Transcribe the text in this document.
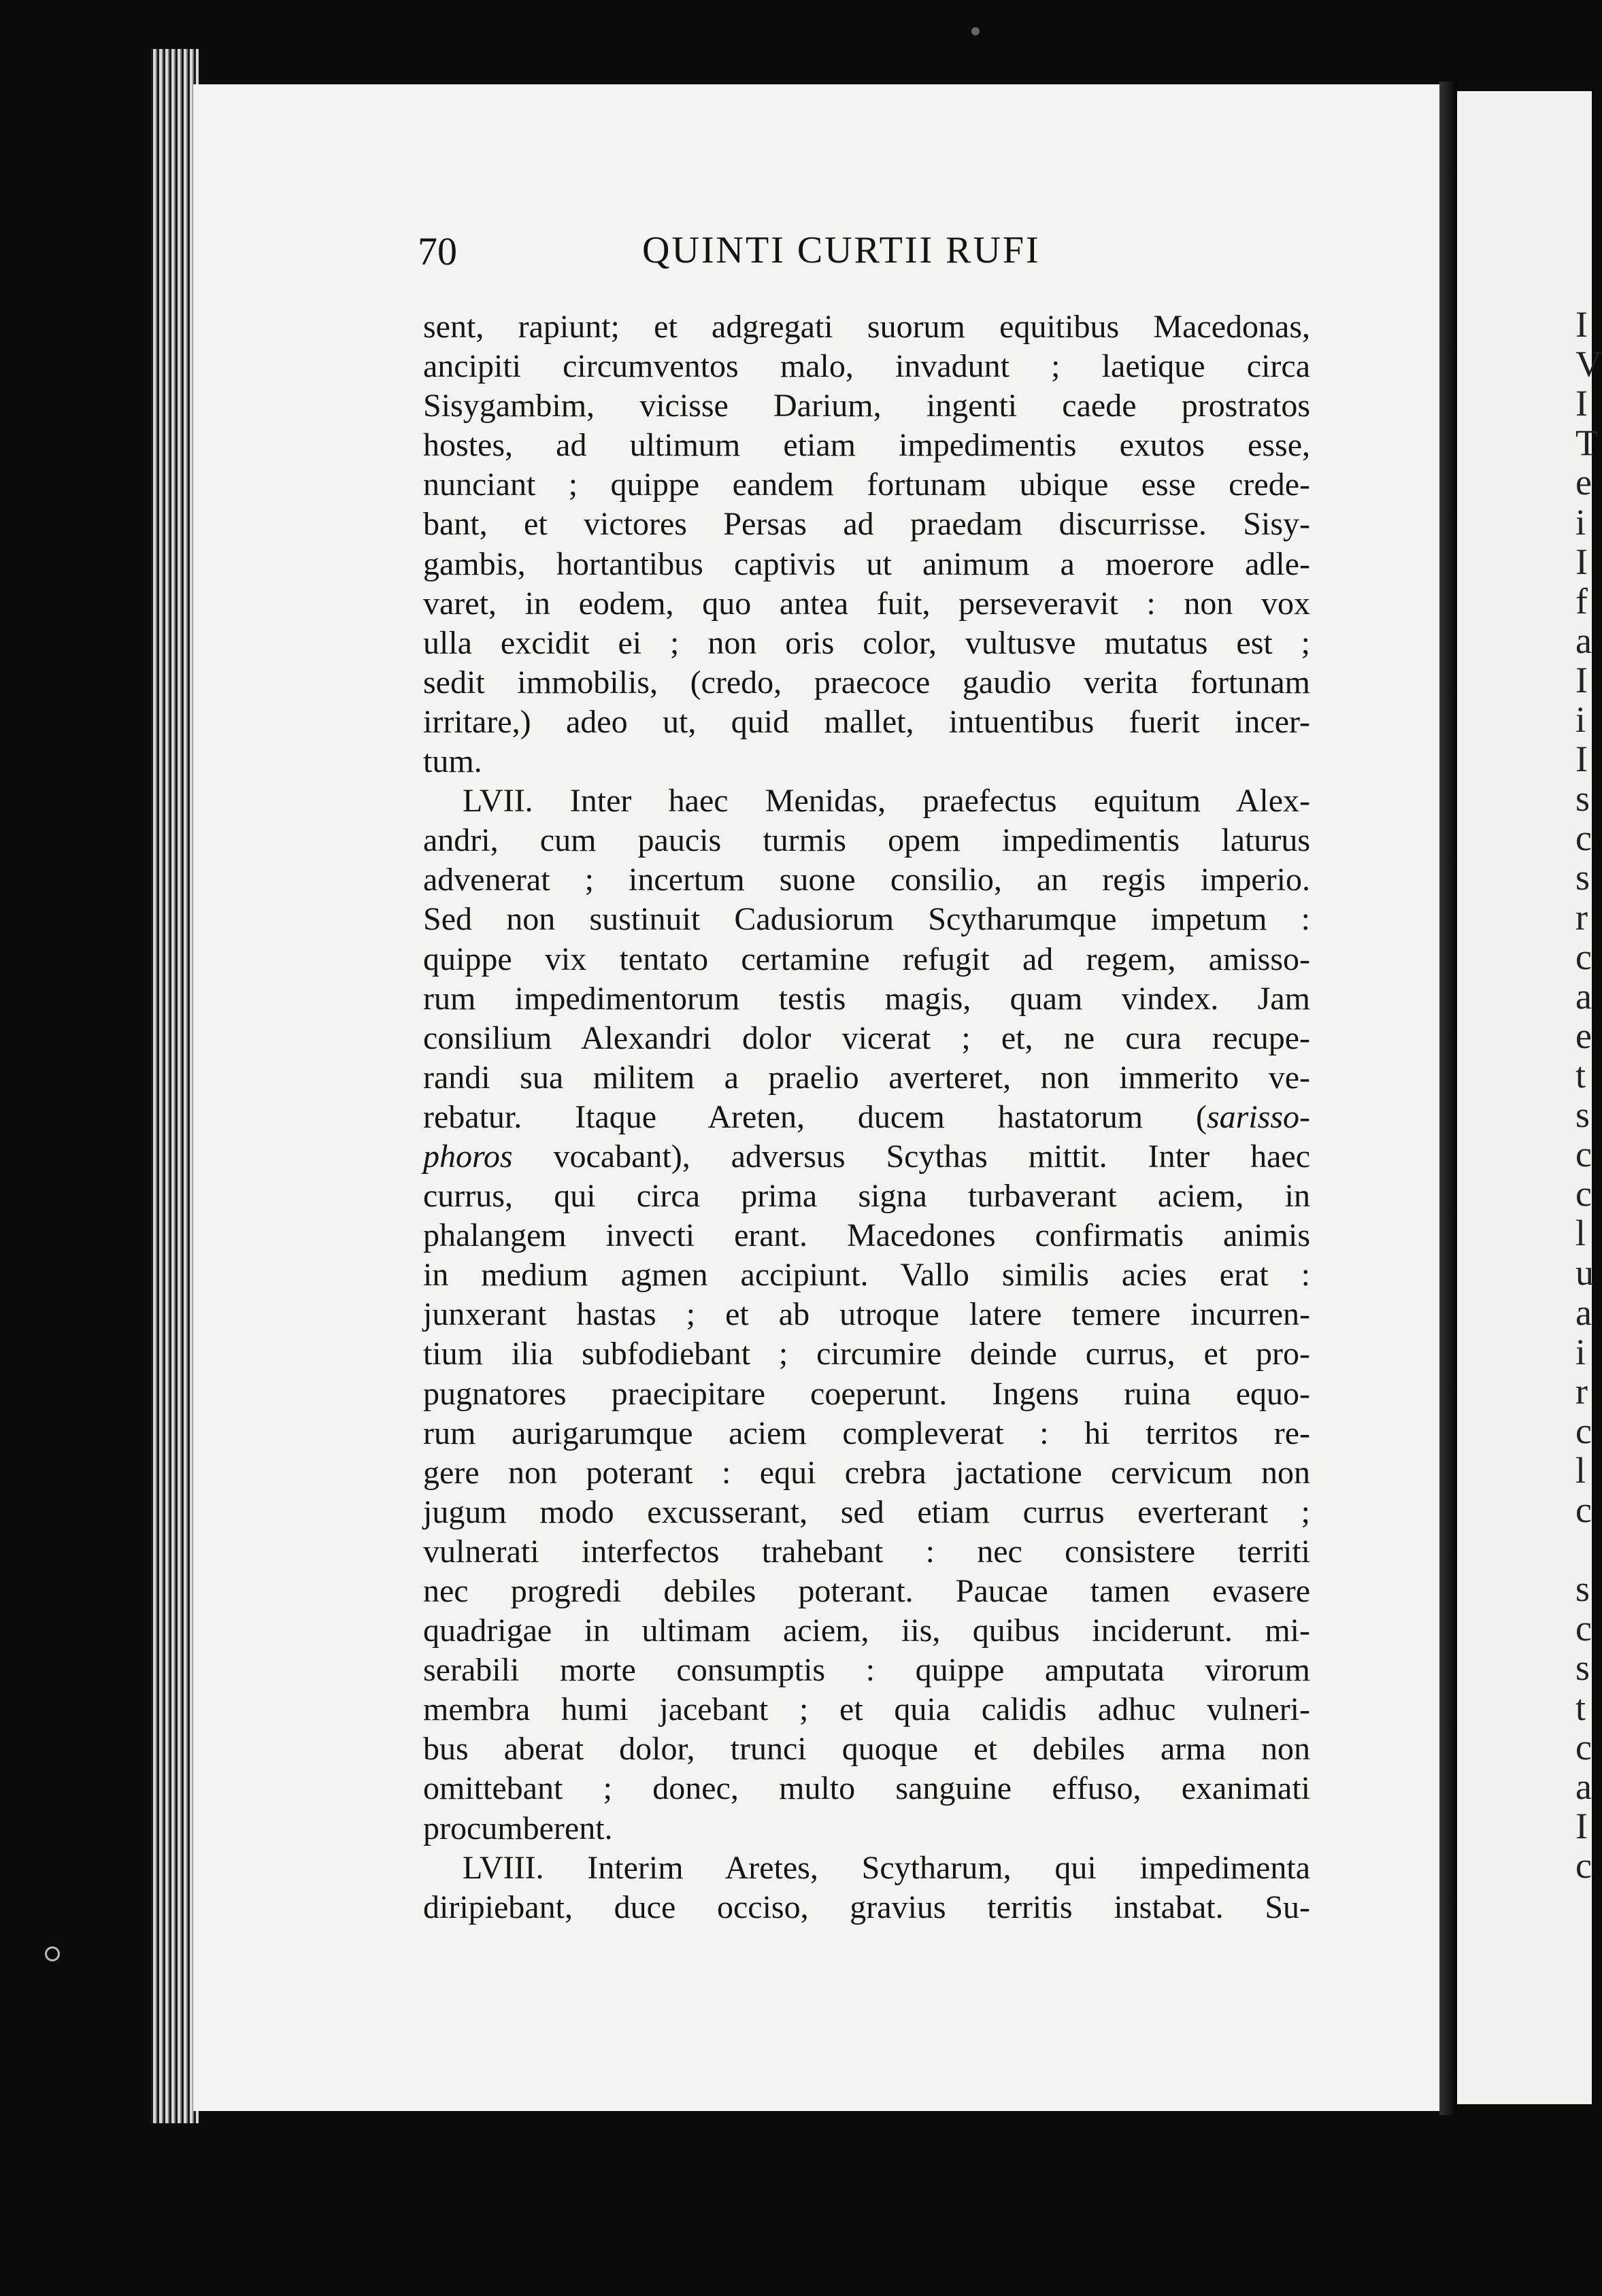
I
V
I
T
e
i
I
f
a
I
i
I
s
c
s
r
c
a
e
t
s
c
c
l
u
a
i
r
c
l
c
s
c
s
t
c
a
I
c
70	QUINTI CURTII RUFI
sent, rapiunt; et adgregati suorum equitibus Macedonas,
ancipiti circumventos malo, invadunt ; laetique circa
Sisygambim, vicisse Darium, ingenti caede prostratos
hostes, ad ultimum etiam impedimentis exutos esse,
nunciant ; quippe eandem fortunam ubique esse crede-
bant, et victores Persas ad praedam discurrisse. Sisy-
gambis, hortantibus captivis ut animum a moerore adle-
varet, in eodem, quo antea fuit, perseveravit : non vox
ulla excidit ei ; non oris color, vultusve mutatus est ;
sedit immobilis, (credo, praecoce gaudio verita fortunam
irritare,) adeo ut, quid mallet, intuentibus fuerit incer-
tum.
LVII. Inter haec Menidas, praefectus equitum Alex-
andri, cum paucis turmis opem impedimentis laturus
advenerat ; incertum suone consilio, an regis imperio.
Sed non sustinuit Cadusiorum Scytharumque impetum :
quippe vix tentato certamine refugit ad regem, amisso-
rum impedimentorum testis magis, quam vindex. Jam
consilium Alexandri dolor vicerat ; et, ne cura recupe-
randi sua militem a praelio averteret, non immerito ve-
rebatur. Itaque Areten, ducem hastatorum (sarisso-
phoros vocabant), adversus Scythas mittit. Inter haec
currus, qui circa prima signa turbaverant aciem, in
phalangem invecti erant. Macedones confirmatis animis
in medium agmen accipiunt. Vallo similis acies erat :
junxerant hastas ; et ab utroque latere temere incurren-
tium ilia subfodiebant ; circumire deinde currus, et pro-
pugnatores praecipitare coeperunt. Ingens ruina equo-
rum aurigarumque aciem compleverat : hi territos re-
gere non poterant : equi crebra jactatione cervicum non
jugum modo excusserant, sed etiam currus everterant ;
vulnerati interfectos trahebant : nec consistere territi
nec progredi debiles poterant. Paucae tamen evasere
quadrigae in ultimam aciem, iis, quibus inciderunt. mi-
serabili morte consumptis : quippe amputata virorum
membra humi jacebant ; et quia calidis adhuc vulneri-
bus aberat dolor, trunci quoque et debiles arma non
omittebant ; donec, multo sanguine effuso, exanimati
procumberent.
LVIII. Interim Aretes, Scytharum, qui impedimenta
diripiebant, duce occiso, gravius territis instabat. Su-
